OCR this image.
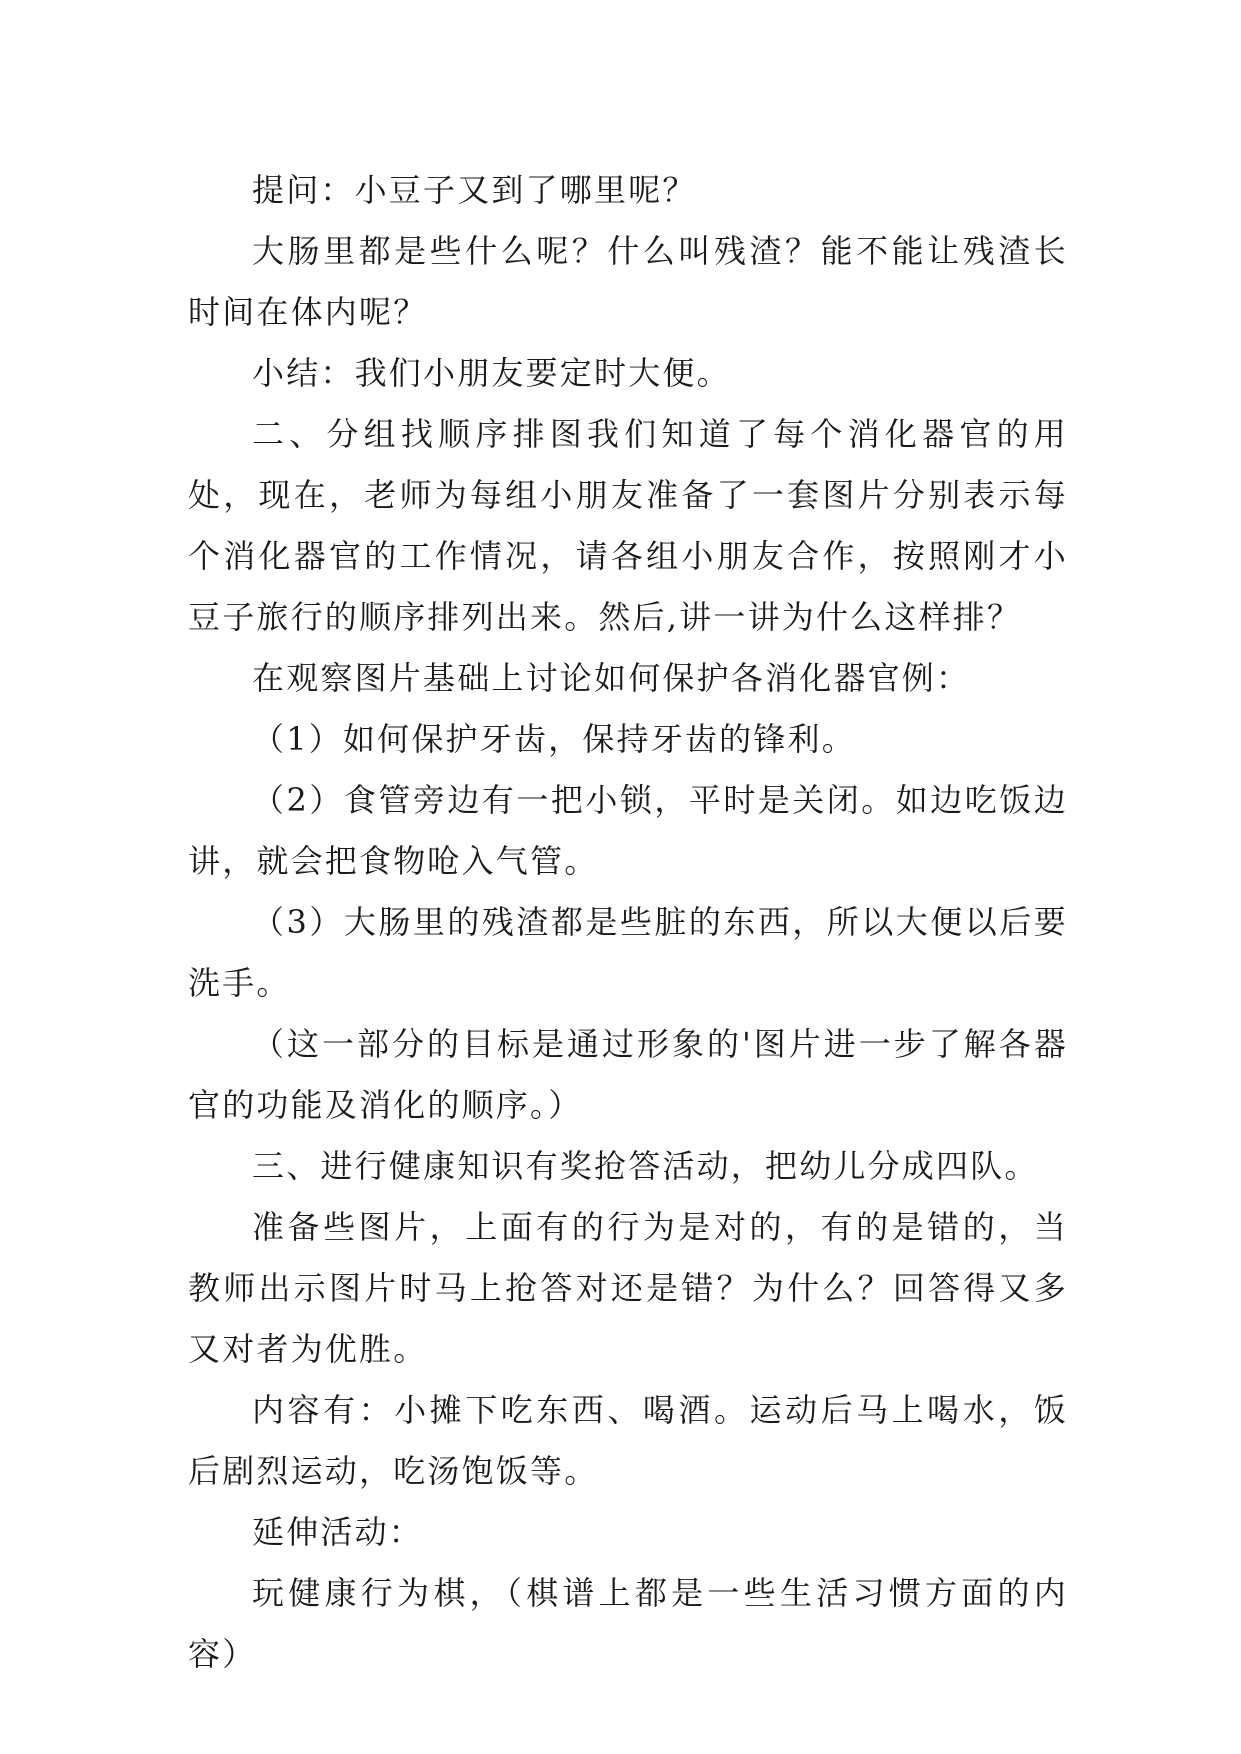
提问：小豆子又到了哪里呢？

大肠里都是些什么呢？什么叫残渣？能不能让残渣长时间在体内呢？

小结：我们小朋友要定时大便。

二、分组找顺序排图我们知道了每个消化器官的用处，现在，老师为每组小朋友准备了一套图片分别表示每个消化器官的工作情况，请各组小朋友合作，按照刚才小豆子旅行的顺序排列出来。然后,讲一讲为什么这样排？

在观察图片基础上讨论如何保护各消化器官例：

（1）如何保护牙齿，保持牙齿的锋利。

（2）食管旁边有一把小锁，平时是关闭。如边吃饭边讲，就会把食物呛入气管。

（3）大肠里的残渣都是些脏的东西，所以大便以后要洗手。

（这一部分的目标是通过形象的'图片进一步了解各器官的功能及消化的顺序。）

三、进行健康知识有奖抢答活动，把幼儿分成四队。

准备些图片，上面有的行为是对的，有的是错的，当教师出示图片时马上抢答对还是错？为什么？回答得又多又对者为优胜。

内容有：小摊下吃东西、喝酒。运动后马上喝水，饭后剧烈运动，吃汤饱饭等。

延伸活动：

玩健康行为棋，（棋谱上都是一些生活习惯方面的内容）
